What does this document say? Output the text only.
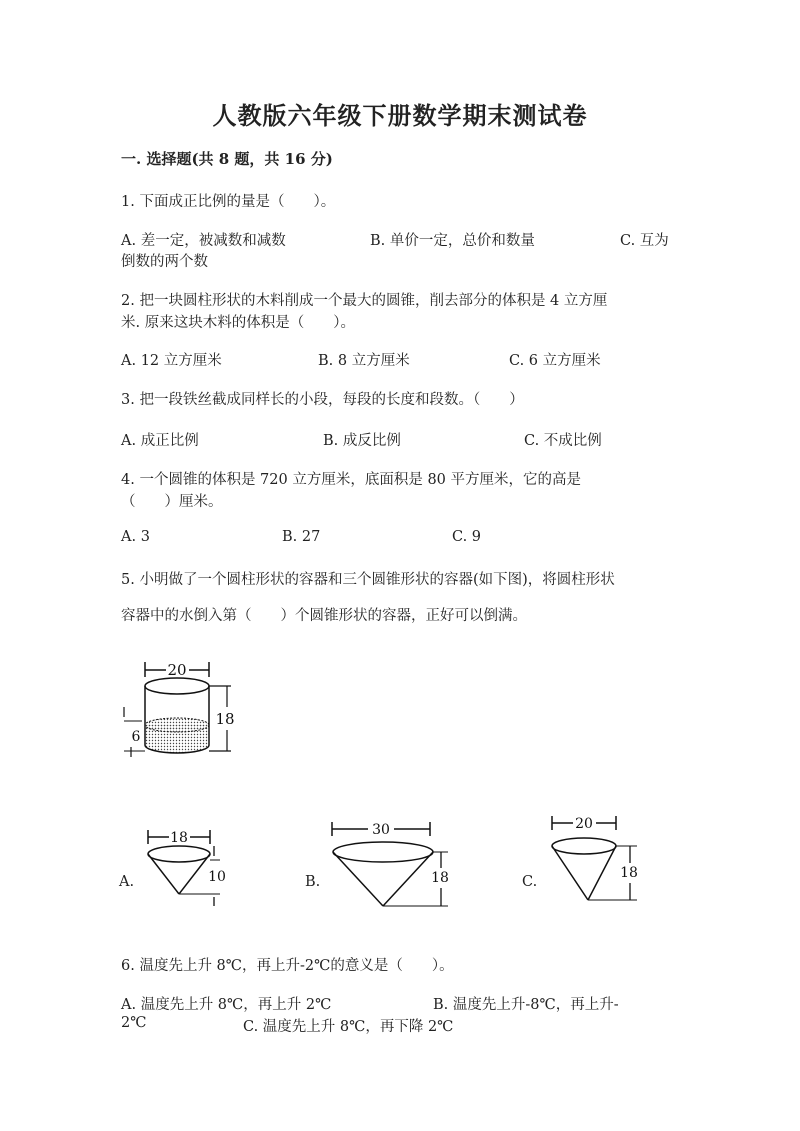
人教版六年级下册数学期末测试卷
一. 选择题(共 8 题，共 16 分)
1. 下面成正比例的量是（　　）。
A. 差一定，被减数和减数	B. 单价一定，总价和数量	C. 互为
倒数的两个数
2. 把一块圆柱形状的木料削成一个最大的圆锥，削去部分的体积是 4 立方厘
米. 原来这块木料的体积是（　　）。
A. 12 立方厘米	B. 8 立方厘米	C. 6 立方厘米
3. 把一段铁丝截成同样长的小段，每段的长度和段数。（　　）
A. 成正比例	B. 成反比例	C. 不成比例
4. 一个圆锥的体积是 720 立方厘米，底面积是 80 平方厘米，它的高是
（　　）厘米。
A. 3	B. 27	C. 9
5. 小明做了一个圆柱形状的容器和三个圆锥形状的容器(如下图)，将圆柱形状
容器中的水倒入第（　　）个圆锥形状的容器，正好可以倒满。
20
18
6
A.
18
10	B.
30
18	C.
20
18
6. 温度先上升 8℃，再上升-2℃的意义是（　　）。
A. 温度先上升 8℃，再上升 2℃	B. 温度先上升-8℃，再上升-
2℃	C. 温度先上升 8℃，再下降 2℃
